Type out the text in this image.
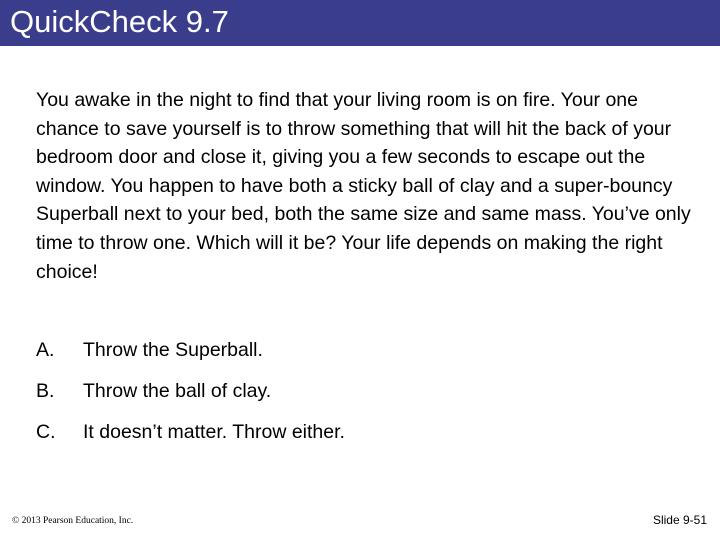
QuickCheck 9.7

You awake in the night to find that your living room is on fire. Your one chance to save yourself is to throw something that will hit the back of your bedroom door and close it, giving you a few seconds to escape out the window. You happen to have both a sticky ball of clay and a super-bouncy Superball next to your bed, both the same size and same mass. You’ve only time to throw one. Which will it be? Your life depends on making the right choice!

A.	Throw the Superball.
B.	Throw the ball of clay.
C.	It doesn’t matter. Throw either.
© 2013 Pearson Education, Inc.	Slide 9-51
